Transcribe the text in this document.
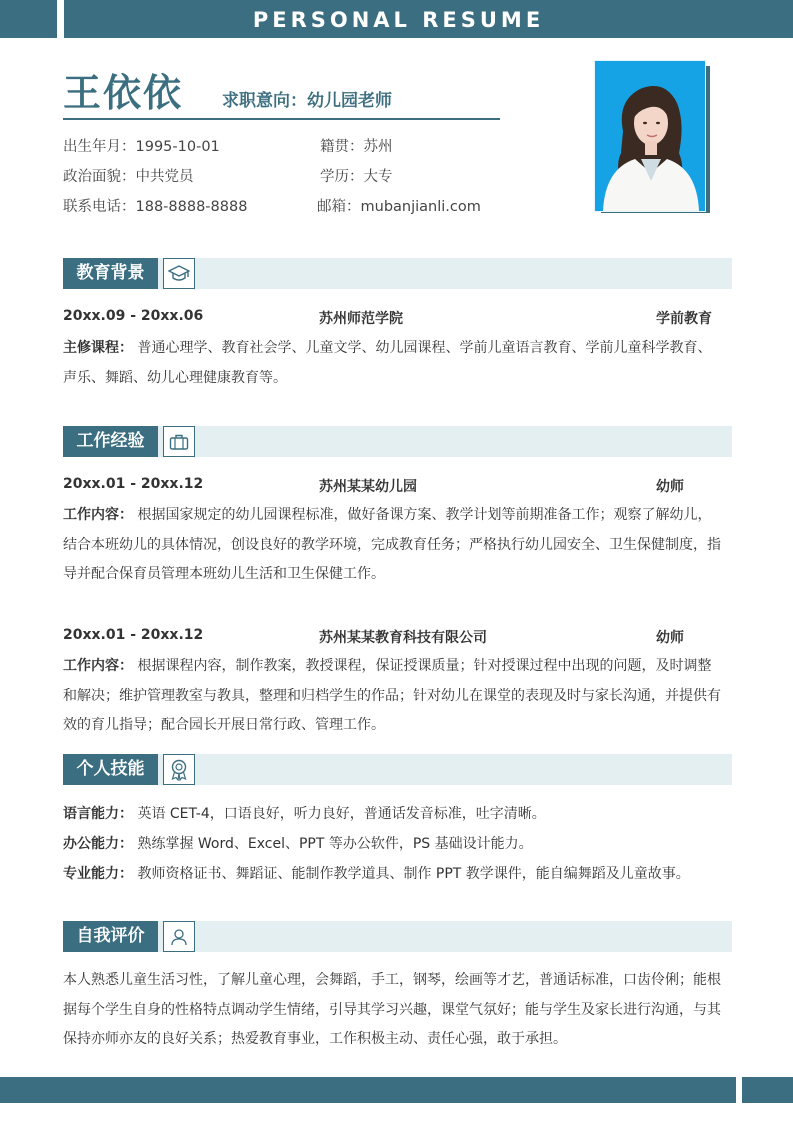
PERSONAL RESUME
王依依 求职意向：幼儿园老师
出生年月：1995-10-01	籍贯：苏州
政治面貌：中共党员	学历：大专
联系电话：188-8888-8888	邮箱：mubanjianli.com
教育背景
20xx.09 - 20xx.06	苏州师范学院	学前教育
主修课程： 普通心理学、教育社会学、儿童文学、幼儿园课程、学前儿童语言教育、学前儿童科学教育、声乐、舞蹈、幼儿心理健康教育等。
工作经验
20xx.01 - 20xx.12	苏州某某幼儿园	幼师
工作内容： 根据国家规定的幼儿园课程标准，做好备课方案、教学计划等前期准备工作；观察了解幼儿，结合本班幼儿的具体情况，创设良好的教学环境，完成教育任务；严格执行幼儿园安全、卫生保健制度，指导并配合保育员管理本班幼儿生活和卫生保健工作。
20xx.01 - 20xx.12	苏州某某教育科技有限公司	幼师
工作内容： 根据课程内容，制作教案，教授课程，保证授课质量；针对授课过程中出现的问题，及时调整和解决；维护管理教室与教具，整理和归档学生的作品；针对幼儿在课堂的表现及时与家长沟通，并提供有效的育儿指导；配合园长开展日常行政、管理工作。
个人技能
语言能力： 英语 CET-4，口语良好，听力良好，普通话发音标准，吐字清晰。
办公能力： 熟练掌握 Word、Excel、PPT 等办公软件，PS 基础设计能力。
专业能力： 教师资格证书、舞蹈证、能制作教学道具、制作 PPT 教学课件，能自编舞蹈及儿童故事。
自我评价
本人熟悉儿童生活习性，了解儿童心理，会舞蹈，手工，钢琴，绘画等才艺，普通话标准，口齿伶俐；能根据每个学生自身的性格特点调动学生情绪，引导其学习兴趣，课堂气氛好；能与学生及家长进行沟通，与其保持亦师亦友的良好关系；热爱教育事业，工作积极主动、责任心强，敢于承担。
